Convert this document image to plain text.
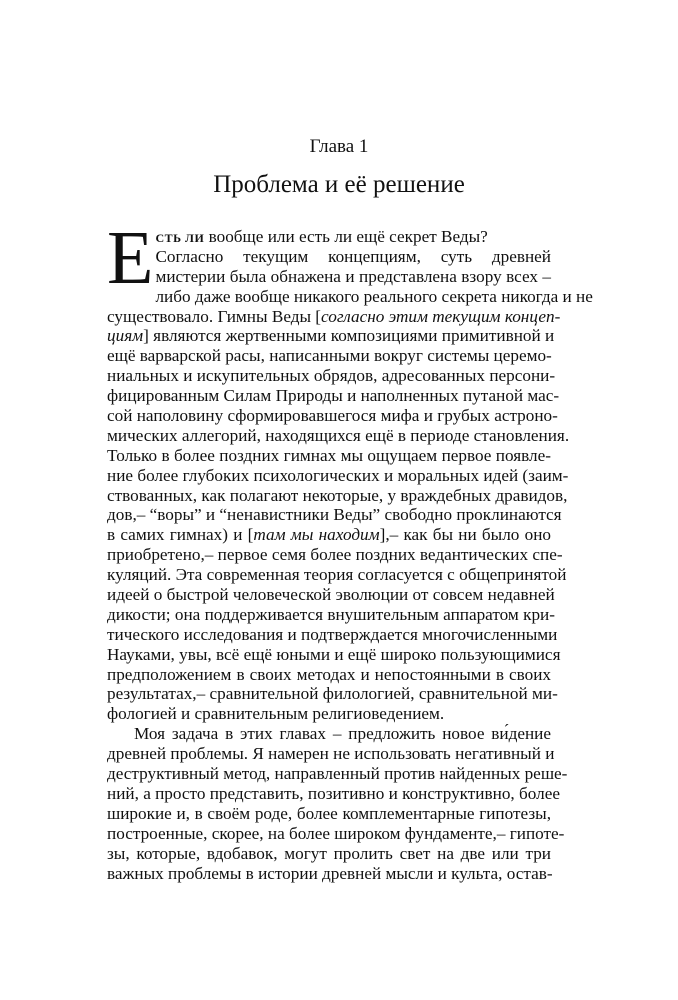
Глава 1
Проблема и её решение
Е СТЬ ЛИ вообще или есть ли ещё секрет Веды?
Согласно текущим концепциям, суть древней
мистерии была обнажена и представлена взору всех –
либо даже вообще никакого реального секрета никогда и не
существовало. Гимны Веды [согласно этим текущим концеп-
циям] являются жертвенными композициями примитивной и
ещё варварской расы, написанными вокруг системы церемо-
ниальных и искупительных обрядов, адресованных персони-
фицированным Силам Природы и наполненных путаной мас-
сой наполовину сформировавшегося мифа и грубых астроно-
мических аллегорий, находящихся ещё в периоде становления.
Только в более поздних гимнах мы ощущаем первое появле-
ние более глубоких психологических и моральных идей (заим-
ствованных, как полагают некоторые, у враждебных дравидов,
дов,– “воры” и “ненавистники Веды” свободно проклинаются
в самих гимнах) и [там мы находим],– как бы ни было оно
приобретено,– первое семя более поздних ведантических спе-
куляций. Эта современная теория согласуется с общепринятой
идеей о быстрой человеческой эволюции от совсем недавней
дикости; она поддерживается внушительным аппаратом кри-
тического исследования и подтверждается многочисленными
Науками, увы, всё ещё юными и ещё широко пользующимися
предположением в своих методах и непостоянными в своих
результатах,– сравнительной филологией, сравнительной ми-
фологией и сравнительным религиоведением.
Моя задача в этих главах – предложить новое ви́дение
древней проблемы. Я намерен не использовать негативный и
деструктивный метод, направленный против найденных реше-
ний, а просто представить, позитивно и конструктивно, более
широкие и, в своём роде, более комплементарные гипотезы,
построенные, скорее, на более широком фундаменте,– гипоте-
зы, которые, вдобавок, могут пролить свет на две или три
важных проблемы в истории древней мысли и культа, остав-
